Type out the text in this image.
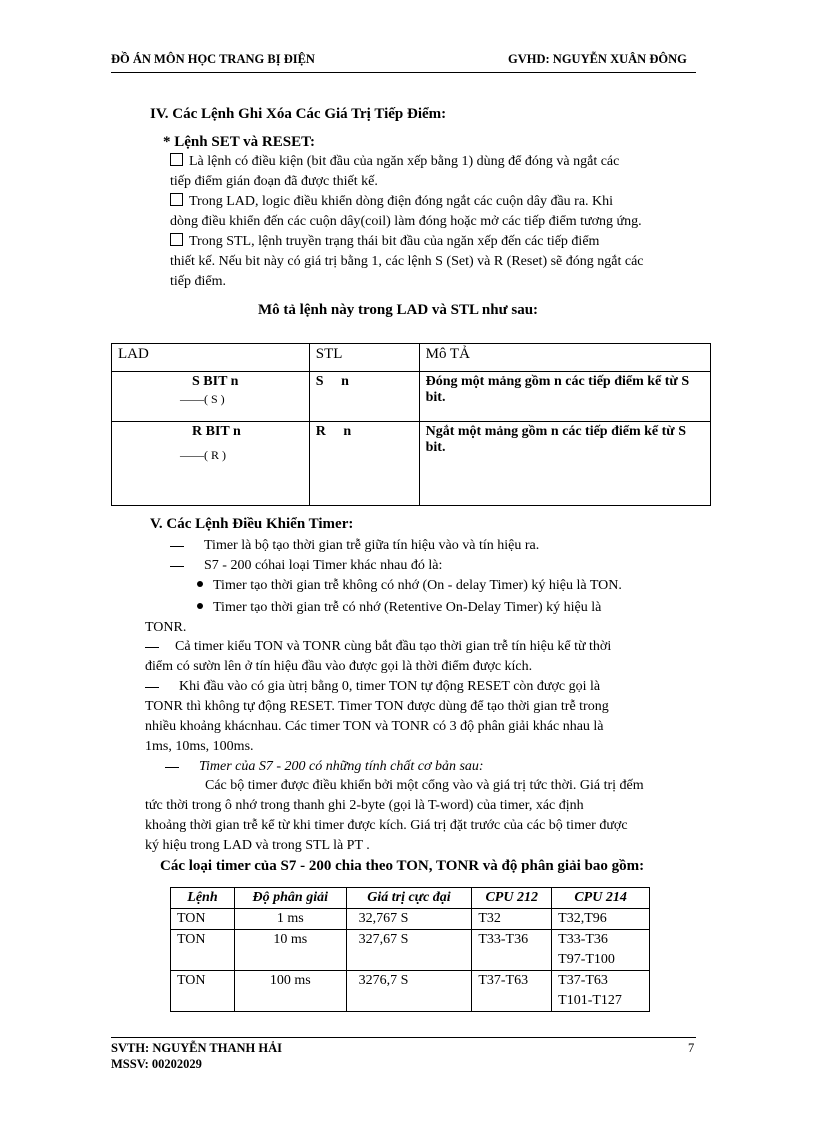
ĐỒ ÁN MÔN HỌC TRANG BỊ ĐIỆN	GVHD: NGUYỄN XUÂN ĐÔNG
IV. Các Lệnh Ghi Xóa Các Giá Trị Tiếp Điểm:
* Lệnh SET và RESET:
Là lệnh có điều kiện (bit đầu của ngăn xếp bằng 1) dùng để đóng và ngắt các
tiếp điểm gián đoạn đã được thiết kế.
Trong LAD, logic điều khiển dòng điện đóng ngắt các cuộn dây đầu ra. Khi
dòng điều khiển đến các cuộn dây(coil) làm đóng hoặc mở các tiếp điểm tương ứng.
Trong STL, lệnh truyền trạng thái bit đầu của ngăn xếp đến các tiếp điểm
thiết kế. Nếu bit này có giá trị bằng 1, các lệnh S (Set) và R (Reset) sẽ đóng ngắt các
tiếp điểm.
Mô tả lệnh này trong LAD và STL như sau:
LAD	STL	Mô TẢ
S BIT n
——( S )	S n	Đóng một mảng gồm n các tiếp điểm kể từ S bit.
R BIT n
——( R )	R n	Ngắt một mảng gồm n các tiếp điểm kể từ S bit.
V. Các Lệnh Điều Khiển Timer:
Timer là bộ tạo thời gian trễ giữa tín hiệu vào và tín hiệu ra.
S7 - 200 cóhai loại Timer khác nhau đó là:
Timer tạo thời gian trễ không có nhớ (On - delay Timer) ký hiệu là TON.
Timer tạo thời gian trễ có nhớ (Retentive On-Delay Timer) ký hiệu là
TONR.
Cả timer kiểu TON và TONR cùng bắt đầu tạo thời gian trễ tín hiệu kể từ thời
điểm có sườn lên ở tín hiệu đầu vào được gọi là thời điểm được kích.
Khi đầu vào có gia ùtrị bằng 0, timer TON tự động RESET còn được gọi là
TONR thì không tự động RESET. Timer TON được dùng để tạo thời gian trễ trong
nhiều khoảng khácnhau. Các timer TON và TONR có 3 độ phân giải khác nhau là
1ms, 10ms, 100ms.
Timer của S7 - 200 có những tính chất cơ bản sau:
Các bộ timer được điều khiển bởi một cổng vào và giá trị tức thời. Giá trị đếm
tức thời trong ô nhớ trong thanh ghi 2-byte (gọi là T-word) của timer, xác định
khoảng thời gian trễ kể từ khi timer được kích. Giá trị đặt trước của các bộ timer được
ký hiệu trong LAD và trong STL là PT .
Các loại timer của S7 - 200 chia theo TON, TONR và độ phân giải bao gồm:
Lệnh	Độ phân giải	Giá trị cực đại	CPU 212	CPU 214
TON	1 ms	32,767 S	T32	T32,T96
TON	10 ms	327,67 S	T33-T36	T33-T36
T97-T100

TON	100 ms	3276,7 S	T37-T63	T37-T63
T101-T127
SVTH: NGUYỄN THANH HẢI
MSSV: 00202029
7
